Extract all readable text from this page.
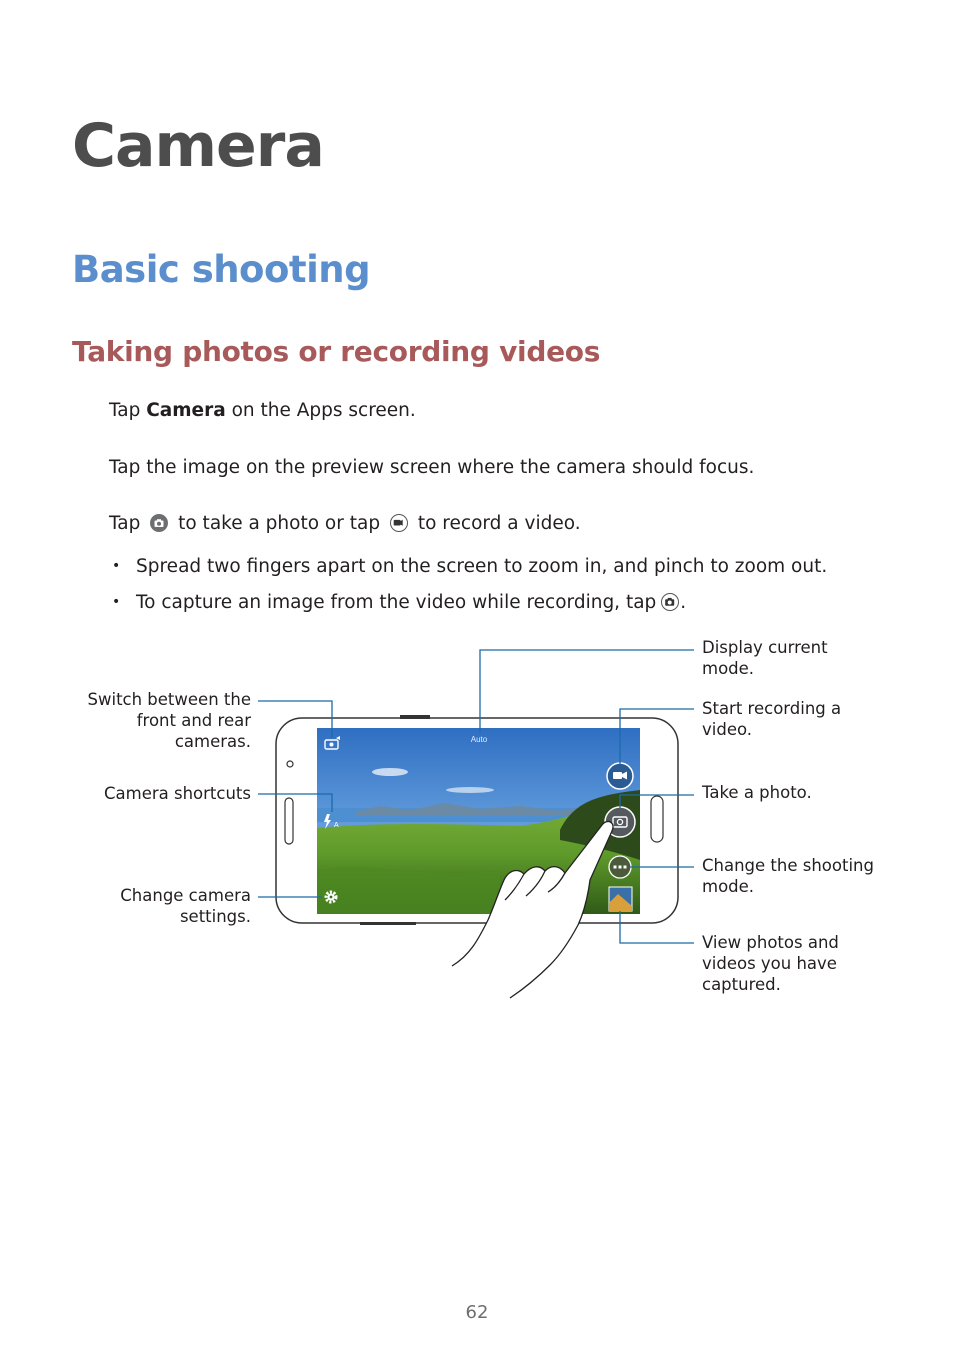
Camera
Basic shooting
Taking photos or recording videos
Tap Camera on the Apps screen.
Tap the image on the preview screen where the camera should focus.
Tap to take a photo or tap to record a video.
• Spread two fingers apart on the screen to zoom in, and pinch to zoom out.
• To capture an image from the video while recording, tap .
Auto
A
Switch between the
front and rear
cameras.
Camera shortcuts
Change camera
settings.
Display current
mode.
Start recording a
video.
Take a photo.
Change the shooting
mode.
View photos and
videos you have
captured.
62
